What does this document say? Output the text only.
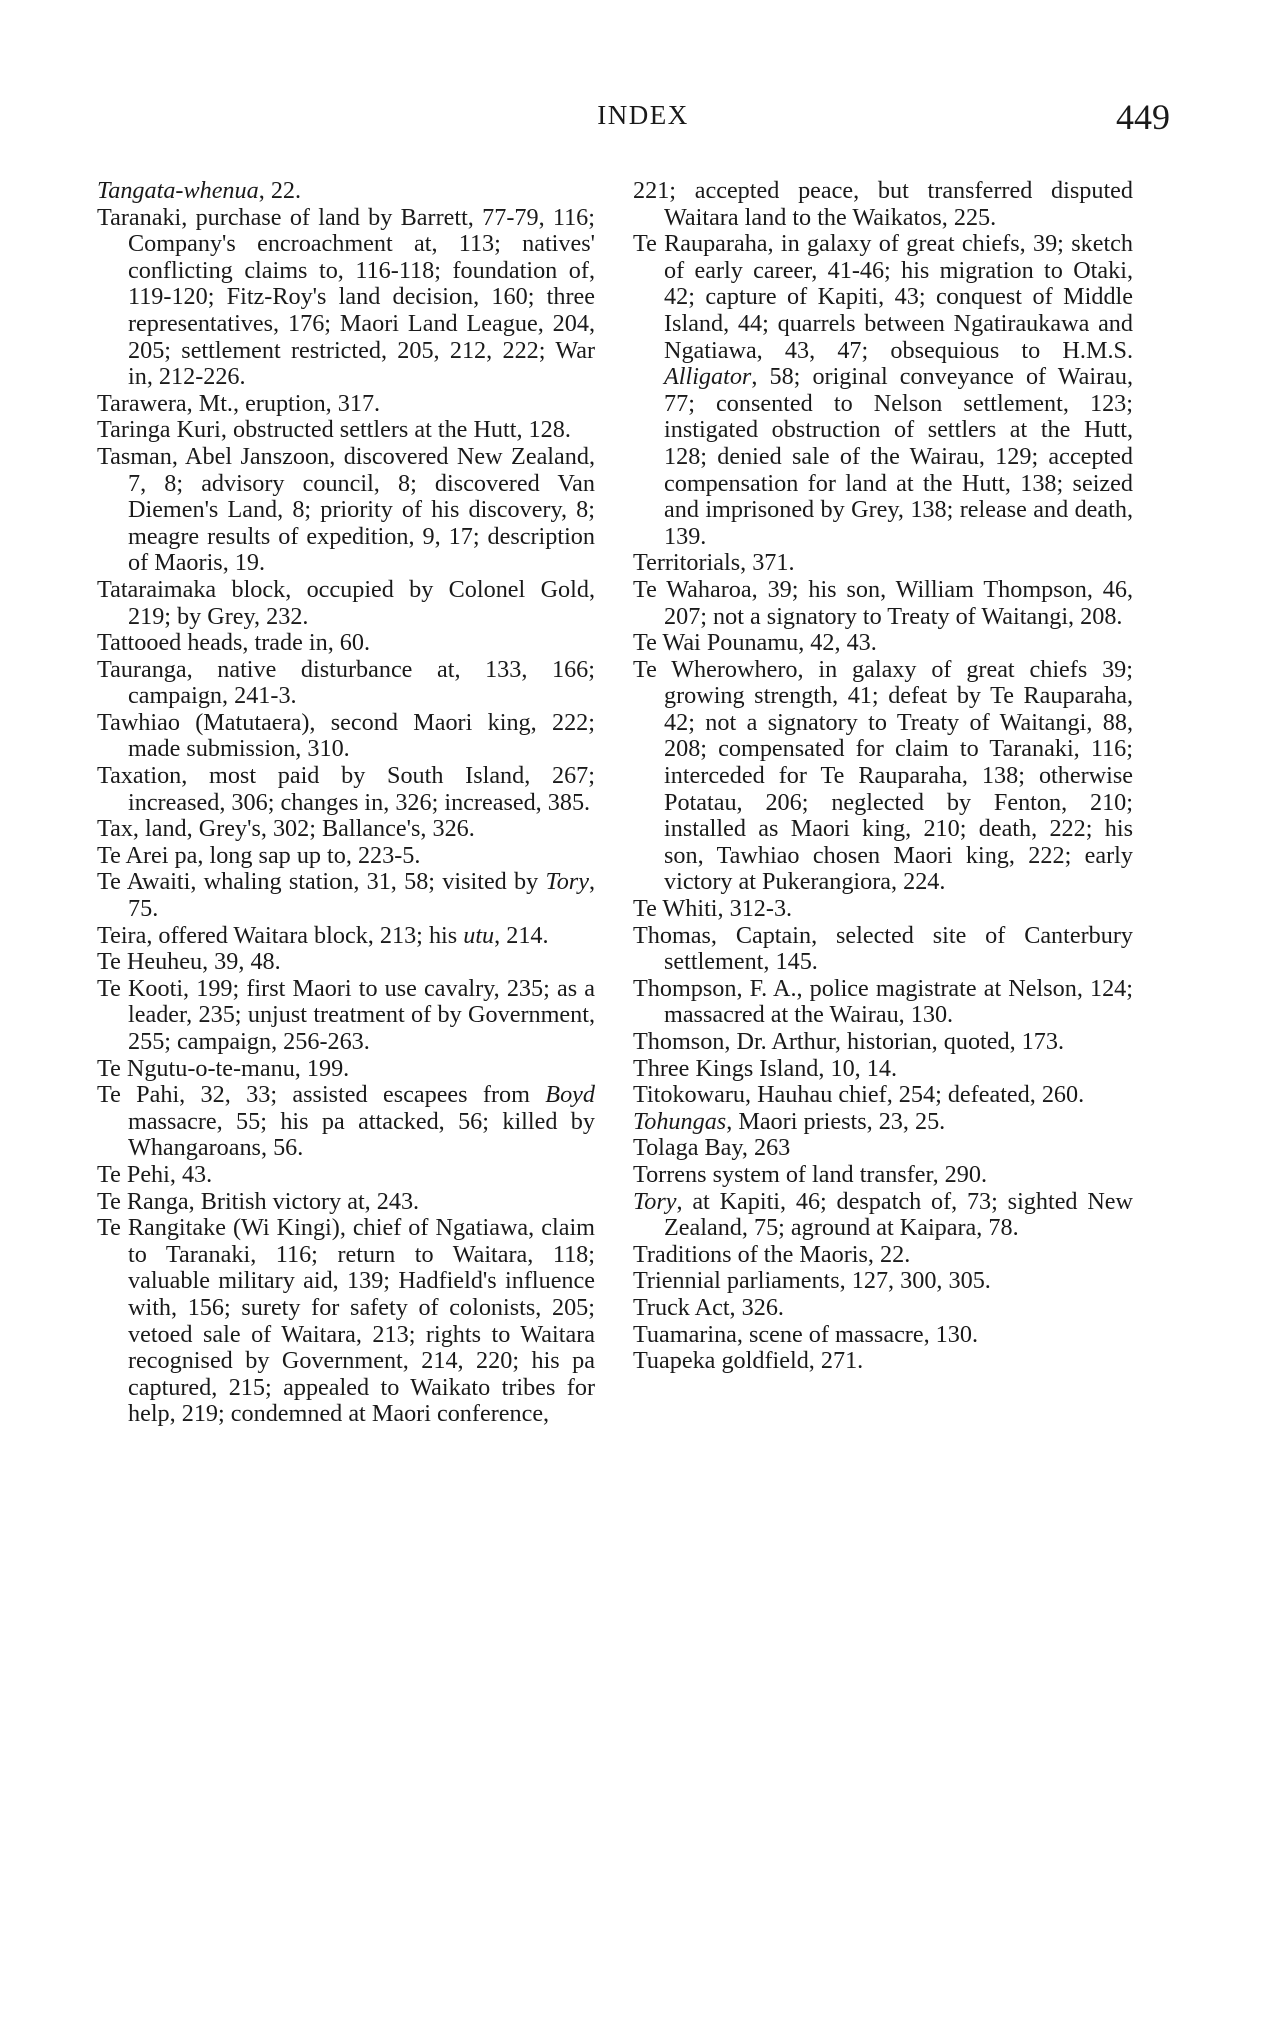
INDEX	449

Tangata-whenua, 22.

Taranaki, purchase of land by Barrett, 77-79, 116; Company's encroachment at, 113; natives' conflicting claims to, 116-118; foundation of, 119-120; Fitz-Roy's land decision, 160; three representatives, 176; Maori Land League, 204, 205; settlement restricted, 205, 212, 222; War in, 212-226.

Tarawera, Mt., eruption, 317.

Taringa Kuri, obstructed settlers at the Hutt, 128.

Tasman, Abel Janszoon, discovered New Zealand, 7, 8; advisory council, 8; discovered Van Diemen's Land, 8; priority of his discovery, 8; meagre results of expedition, 9, 17; description of Maoris, 19.

Tataraimaka block, occupied by Colonel Gold, 219; by Grey, 232.

Tattooed heads, trade in, 60.

Tauranga, native disturbance at, 133, 166; campaign, 241-3.

Tawhiao (Matutaera), second Maori king, 222; made submission, 310.

Taxation, most paid by South Island, 267; increased, 306; changes in, 326; increased, 385.

Tax, land, Grey's, 302; Ballance's, 326.

Te Arei pa, long sap up to, 223-5.

Te Awaiti, whaling station, 31, 58; visited by Tory, 75.

Teira, offered Waitara block, 213; his utu, 214.

Te Heuheu, 39, 48.

Te Kooti, 199; first Maori to use cavalry, 235; as a leader, 235; unjust treatment of by Government, 255; campaign, 256-263.

Te Ngutu-o-te-manu, 199.

Te Pahi, 32, 33; assisted escapees from Boyd massacre, 55; his pa attacked, 56; killed by Whangaroans, 56.

Te Pehi, 43.

Te Ranga, British victory at, 243.

Te Rangitake (Wi Kingi), chief of Ngatiawa, claim to Taranaki, 116; return to Waitara, 118; valuable military aid, 139; Hadfield's influence with, 156; surety for safety of colonists, 205; vetoed sale of Waitara, 213; rights to Waitara recognised by Government, 214, 220; his pa captured, 215; appealed to Waikato tribes for help, 219; condemned at Maori conference,

221; accepted peace, but transferred disputed Waitara land to the Waikatos, 225.

Te Rauparaha, in galaxy of great chiefs, 39; sketch of early career, 41-46; his migration to Otaki, 42; capture of Kapiti, 43; conquest of Middle Island, 44; quarrels between Ngatiraukawa and Ngatiawa, 43, 47; obsequious to H.M.S. Alligator, 58; original conveyance of Wairau, 77; consented to Nelson settlement, 123; instigated obstruction of settlers at the Hutt, 128; denied sale of the Wairau, 129; accepted compensation for land at the Hutt, 138; seized and imprisoned by Grey, 138; release and death, 139.

Territorials, 371.

Te Waharoa, 39; his son, William Thompson, 46, 207; not a signatory to Treaty of Waitangi, 208.

Te Wai Pounamu, 42, 43.

Te Wherowhero, in galaxy of great chiefs 39; growing strength, 41; defeat by Te Rauparaha, 42; not a signatory to Treaty of Waitangi, 88, 208; compensated for claim to Taranaki, 116; interceded for Te Rauparaha, 138; otherwise Potatau, 206; neglected by Fenton, 210; installed as Maori king, 210; death, 222; his son, Tawhiao chosen Maori king, 222; early victory at Pukerangiora, 224.

Te Whiti, 312-3.

Thomas, Captain, selected site of Canterbury settlement, 145.

Thompson, F. A., police magistrate at Nelson, 124; massacred at the Wairau, 130.

Thomson, Dr. Arthur, historian, quoted, 173.

Three Kings Island, 10, 14.

Titokowaru, Hauhau chief, 254; defeated, 260.

Tohungas, Maori priests, 23, 25.

Tolaga Bay, 263

Torrens system of land transfer, 290.

Tory, at Kapiti, 46; despatch of, 73; sighted New Zealand, 75; aground at Kaipara, 78.

Traditions of the Maoris, 22.

Triennial parliaments, 127, 300, 305.

Truck Act, 326.

Tuamarina, scene of massacre, 130.

Tuapeka goldfield, 271.
